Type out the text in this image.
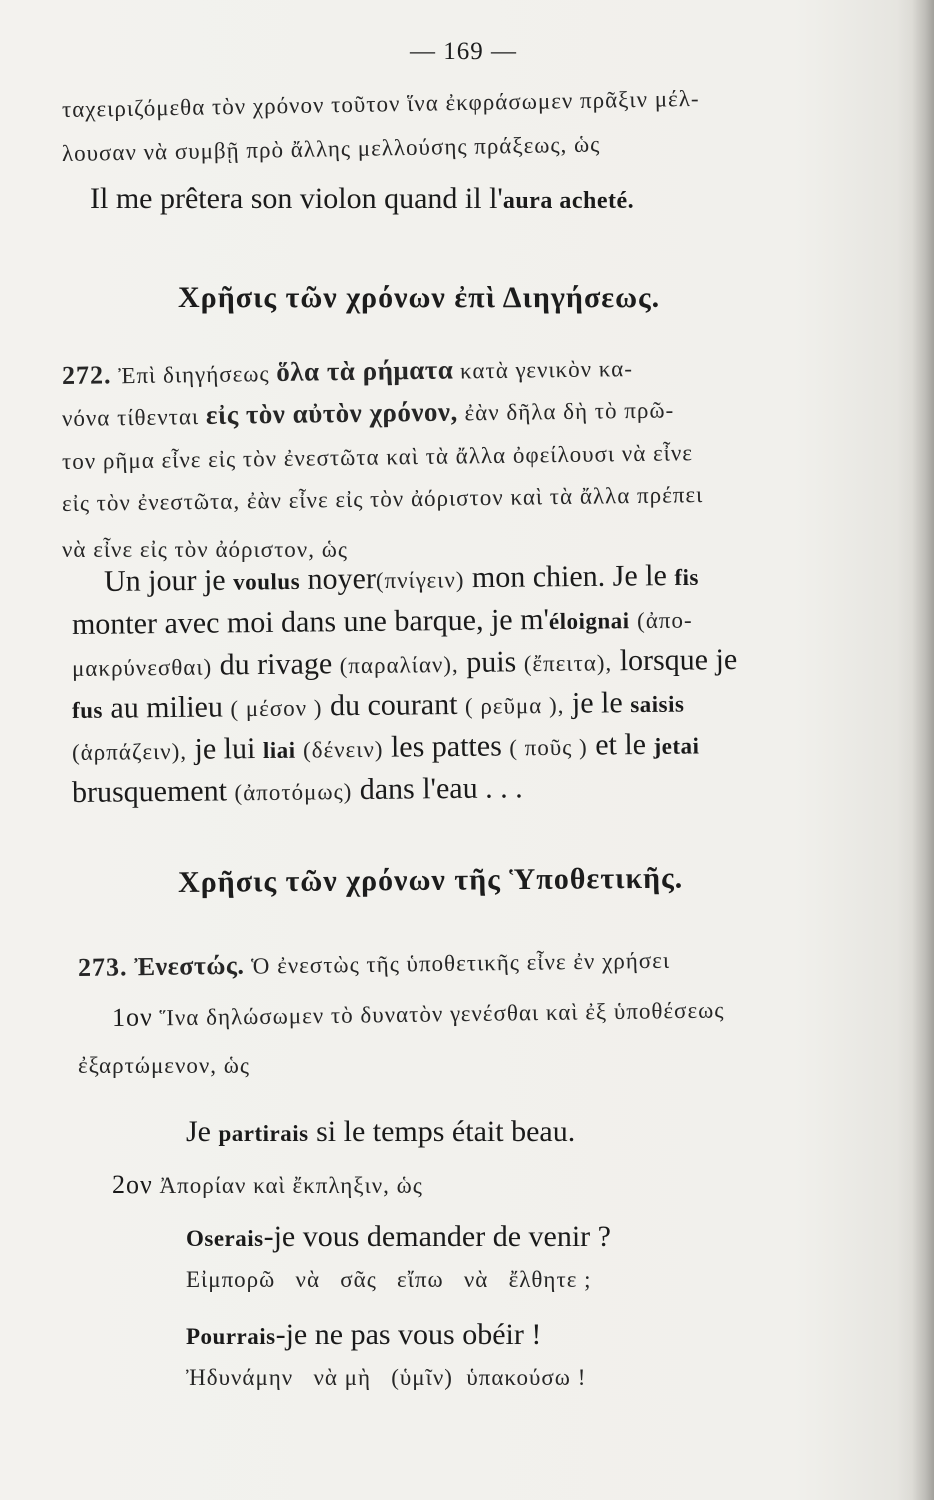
— 169 —
ταχειριζόμεθα τὸν χρόνον τοῦτον ἵνα ἐκφράσωμεν πρᾶξιν μέλ-
λουσαν νὰ συμβῇ πρὸ ἄλλης μελλούσης πράξεως, ὡς
Il me prêtera son violon quand il l'aura acheté.
Χρῆσις τῶν χρόνων ἐπὶ Διηγήσεως.
272. Ἐπὶ διηγήσεως ὅλα τὰ ρήματα κατὰ γενικὸν κα-
νόνα τίθενται εἰς τὸν αὐτὸν χρόνον, ἐὰν δῆλα δὴ τὸ πρῶ-
τον ρῆμα εἶνε εἰς τὸν ἐνεστῶτα καὶ τὰ ἄλλα ὀφείλουσι νὰ εἶνε
εἰς τὸν ἐνεστῶτα, ἐὰν εἶνε εἰς τὸν ἀόριστον καὶ τὰ ἄλλα πρέπει
νὰ εἶνε εἰς τὸν ἀόριστον, ὡς
Un jour je voulus noyer(πνίγειν) mon chien. Je le fis
monter avec moi dans une barque, je m'éloignai (ἀπο-
μακρύνεσθαι) du rivage (παραλίαν), puis (ἔπειτα), lorsque je
fus au milieu ( μέσον ) du courant ( ρεῦμα ), je le saisis
(ἁρπάζειν), je lui liai (δένειν) les pattes ( ποῦς ) et le jetai
brusquement (ἀποτόμως) dans l'eau . . .
Χρῆσις τῶν χρόνων τῆς Ὑποθετικῆς.
273. Ἐνεστώς. Ὁ ἐνεστὼς τῆς ὑποθετικῆς εἶνε ἐν χρήσει
1ον Ἵνα δηλώσωμεν τὸ δυνατὸν γενέσθαι καὶ ἐξ ὑποθέσεως
ἐξαρτώμενον, ὡς
Je partirais si le temps était beau.
2ον Ἀπορίαν καὶ ἔκπληξιν, ὡς
Oserais-je vous demander de venir ?
Εἰμπορῶ   νὰ   σᾶς   εἴπω   νὰ   ἔλθητε ;
Pourrais-je ne pas vous obéir !
Ἠδυνάμην   νὰ μὴ   (ὑμῖν)  ὑπακούσω !
